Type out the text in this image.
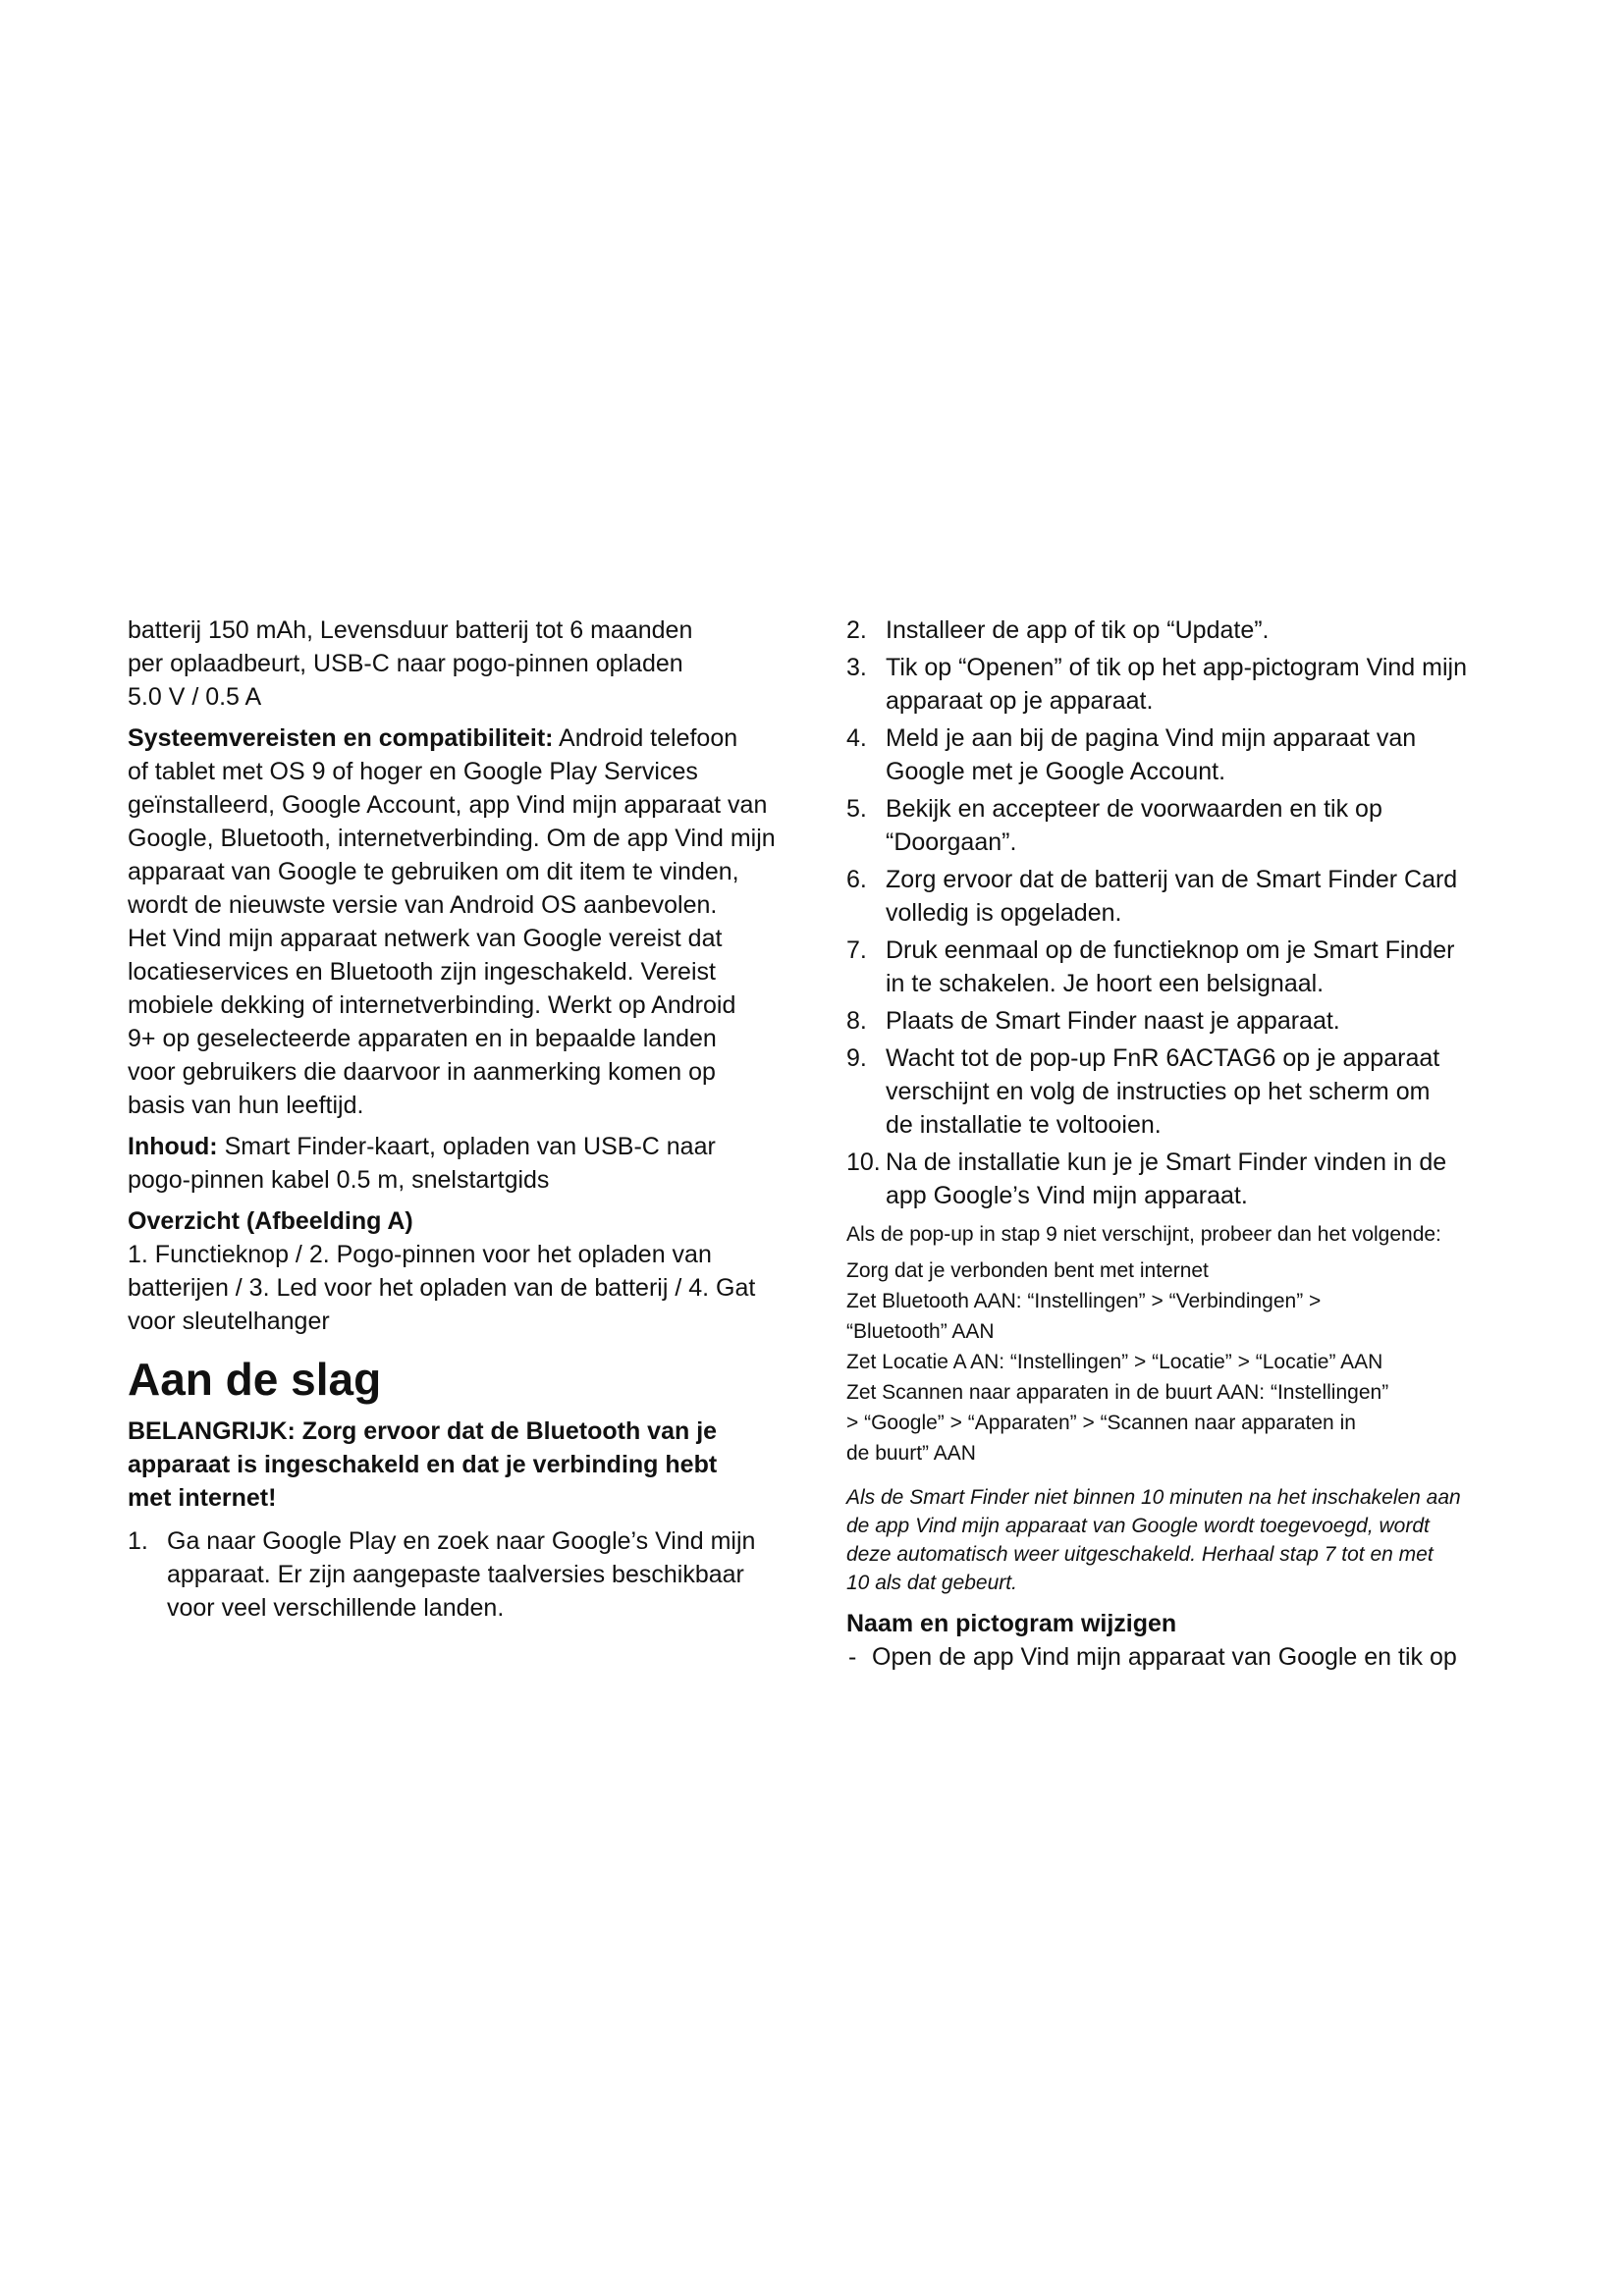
batterij 150 mAh, Levensduur batterij tot 6 maanden
per oplaadbeurt, USB-C naar pogo-pinnen opladen
5.0 V / 0.5 A

Systeemvereisten en compatibiliteit: Android telefoon
of tablet met OS 9 of hoger en Google Play Services
geïnstalleerd, Google Account, app Vind mijn apparaat van
Google, Bluetooth, internetverbinding. Om de app Vind mijn
apparaat van Google te gebruiken om dit item te vinden,
wordt de nieuwste versie van Android OS aanbevolen.
Het Vind mijn apparaat netwerk van Google vereist dat
locatieservices en Bluetooth zijn ingeschakeld. Vereist
mobiele dekking of internetverbinding. Werkt op Android
9+ op geselecteerde apparaten en in bepaalde landen
voor gebruikers die daarvoor in aanmerking komen op
basis van hun leeftijd.

Inhoud: Smart Finder-kaart, opladen van USB-C naar
pogo-pinnen kabel 0.5 m, snelstartgids

Overzicht (Afbeelding A)

1. Functieknop / 2. Pogo-pinnen voor het opladen van
batterijen / 3. Led voor het opladen van de batterij / 4. Gat
voor sleutelhanger

Aan de slag
BELANGRIJK: Zorg ervoor dat de Bluetooth van je
apparaat is ingeschakeld en dat je verbinding hebt
met internet!
1. Ga naar Google Play en zoek naar Google’s Vind mijn
apparaat. Er zijn aangepaste taalversies beschikbaar
voor veel verschillende landen.
2. Installeer de app of tik op “Update”.
3. Tik op “Openen” of tik op het app-pictogram Vind mijn
apparaat op je apparaat.
4. Meld je aan bij de pagina Vind mijn apparaat van
Google met je Google Account.
5. Bekijk en accepteer de voorwaarden en tik op
“Doorgaan”.
6. Zorg ervoor dat de batterij van de Smart Finder Card
volledig is opgeladen.
7. Druk eenmaal op de functieknop om je Smart Finder
in te schakelen. Je hoort een belsignaal.
8. Plaats de Smart Finder naast je apparaat.
9. Wacht tot de pop-up FnR 6ACTAG6 op je apparaat
verschijnt en volg de instructies op het scherm om
de installatie te voltooien.
10. Na de installatie kun je je Smart Finder vinden in de
app Google’s Vind mijn apparaat.

Als de pop-up in stap 9 niet verschijnt, probeer dan het volgende:

Zorg dat je verbonden bent met internet

Zet Bluetooth AAN: “Instellingen” > “Verbindingen” >

“Bluetooth” AAN

Zet Locatie A AN: “Instellingen” > “Locatie” > “Locatie” AAN

Zet Scannen naar apparaten in de buurt AAN: “Instellingen”

> “Google” > “Apparaten” > “Scannen naar apparaten in

de buurt” AAN

Als de Smart Finder niet binnen 10 minuten na het inschakelen aan
de app Vind mijn apparaat van Google wordt toegevoegd, wordt
deze automatisch weer uitgeschakeld. Herhaal stap 7 tot en met
10 als dat gebeurt.
Naam en pictogram wijzigen
- Open de app Vind mijn apparaat van Google en tik op
